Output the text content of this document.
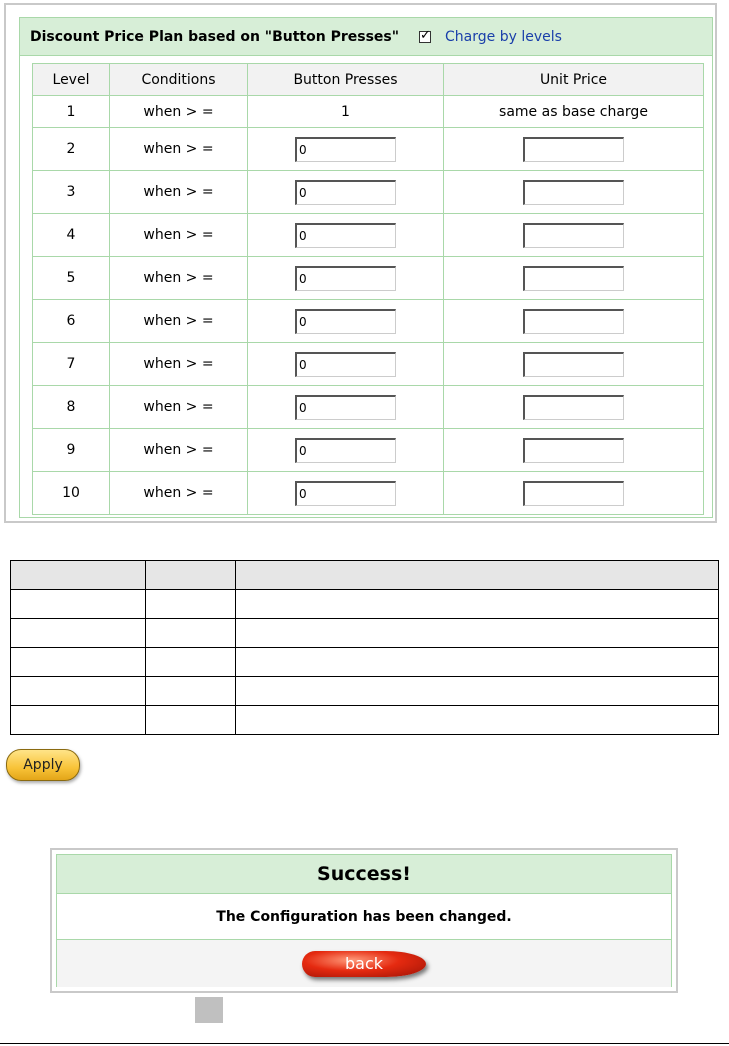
Discount Price Plan based on "Button Presses" ✓	Charge by levels
Level	Conditions	Button Presses	Unit Price
1	when > =	1	same as base charge
2	when > =	0	
3	when > =	0	
4	when > =	0	
5	when > =	0	
6	when > =	0	
7	when > =	0	
8	when > =	0	
9	when > =	0	
10	when > =	0	

Apply
Success!
The Configuration has been changed.
back
